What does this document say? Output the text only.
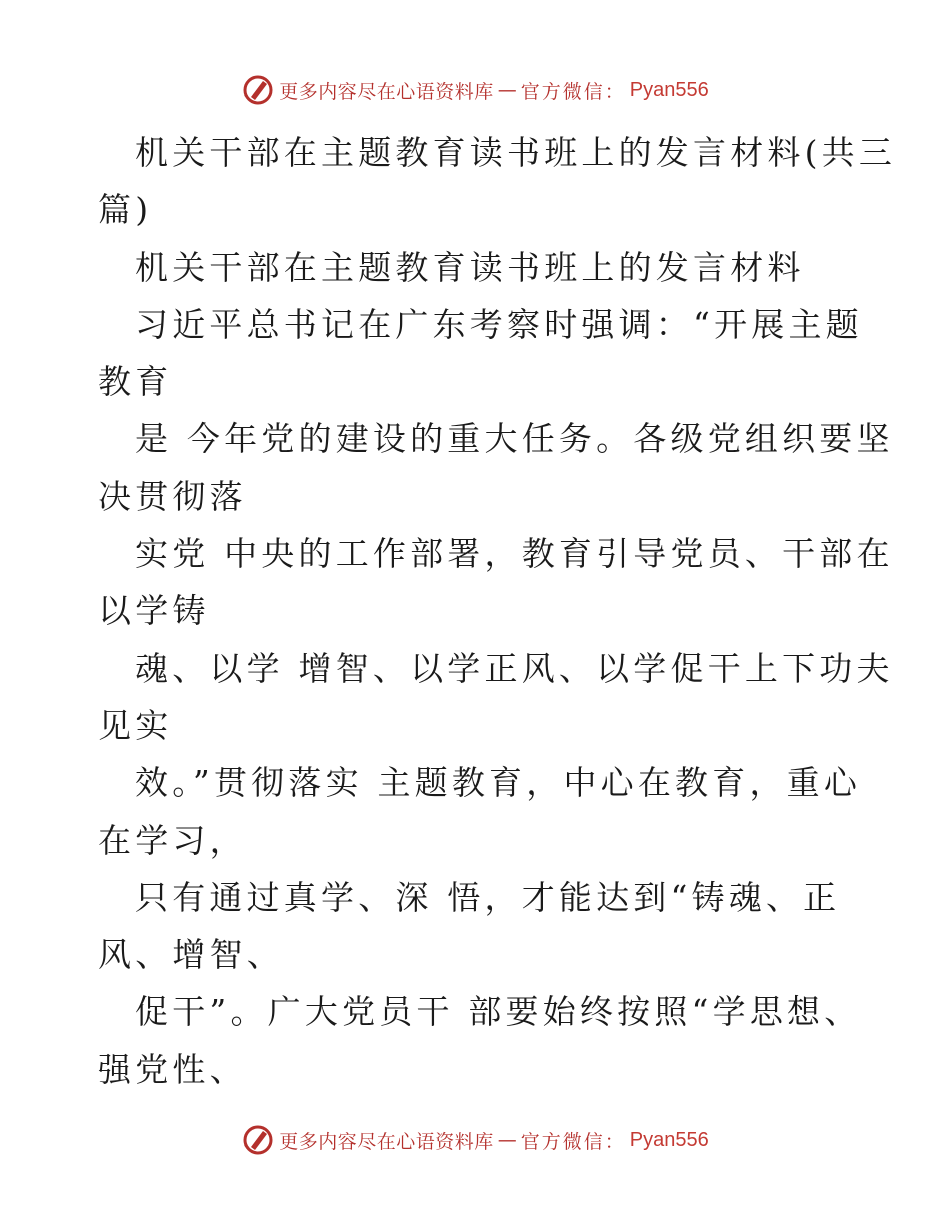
更多内容尽在心语资料库 — 官方微信： Pyan556
机关干部在主题教育读书班上的发言材料(共三
篇)
机关干部在主题教育读书班上的发言材料
习近平总书记在广东考察时强调：“开展主题
教育
是 今年党的建设的重大任务。各级党组织要坚
决贯彻落
实党 中央的工作部署，教育引导党员、干部在
以学铸
魂、以学 增智、以学正风、以学促干上下功夫
见实
效。”贯彻落实 主题教育，中心在教育，重心
在学习，
只有通过真学、深 悟，才能达到“铸魂、正
风、增智、
促干”。广大党员干 部要始终按照“学思想、
强党性、
更多内容尽在心语资料库 — 官方微信： Pyan556
